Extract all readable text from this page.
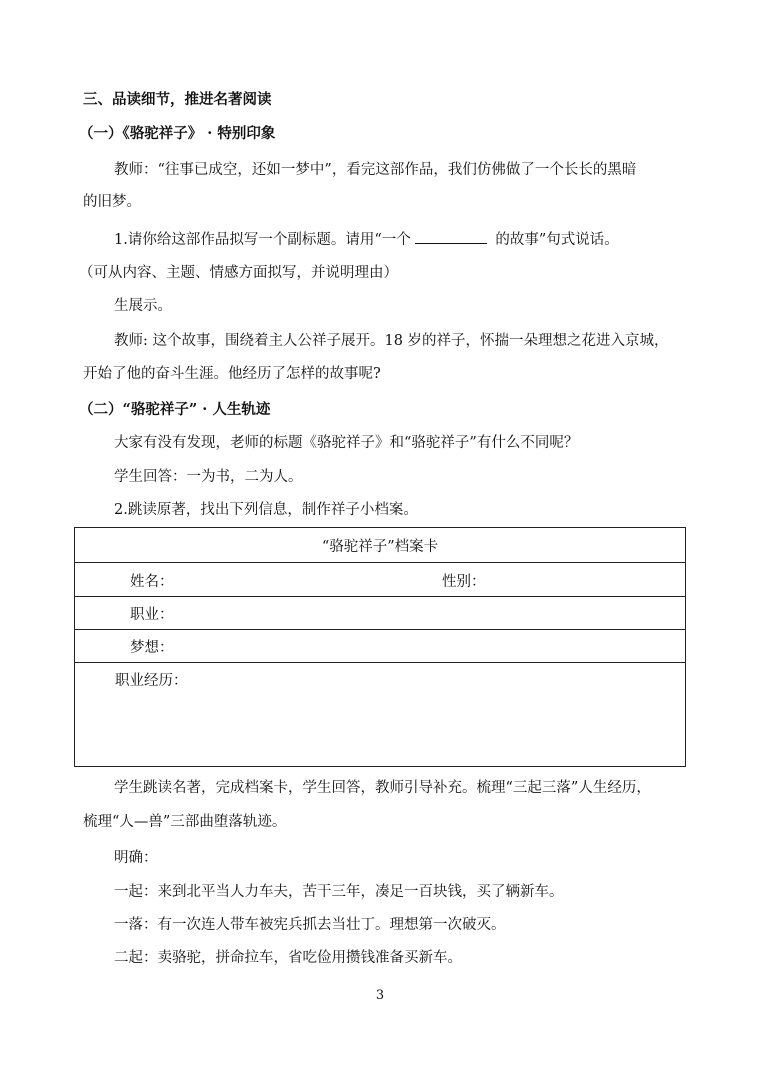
三、品读细节，推进名著阅读
（一）《骆驼祥子》 · 特别印象
教师：“往事已成空，还如一梦中”，看完这部作品，我们仿佛做了一个长长的黑暗
的旧梦。
1.请你给这部作品拟写一个副标题。请用“一个	的故事”句式说话。
（可从内容、主题、情感方面拟写，并说明理由）
生展示。
教师: 这个故事，围绕着主人公祥子展开。18 岁的祥子，怀揣一朵理想之花进入京城，
开始了他的奋斗生涯。他经历了怎样的故事呢?
（二）“骆驼祥子” · 人生轨迹
大家有没有发现，老师的标题《骆驼祥子》和“骆驼祥子”有什么不同呢？
学生回答：一为书，二为人。
2.跳读原著，找出下列信息，制作祥子小档案。
“骆驼祥子”档案卡

姓名：	性别：

职业：
梦想：

职业经历：
学生跳读名著，完成档案卡，学生回答，教师引导补充。梳理“三起三落”人生经历，
梳理“人—兽”三部曲堕落轨迹。
明确：
一起：来到北平当人力车夫，苦干三年，凑足一百块钱，买了辆新车。
一落：有一次连人带车被宪兵抓去当壮丁。理想第一次破灭。
二起：卖骆驼，拼命拉车，省吃俭用攒钱准备买新车。
3
